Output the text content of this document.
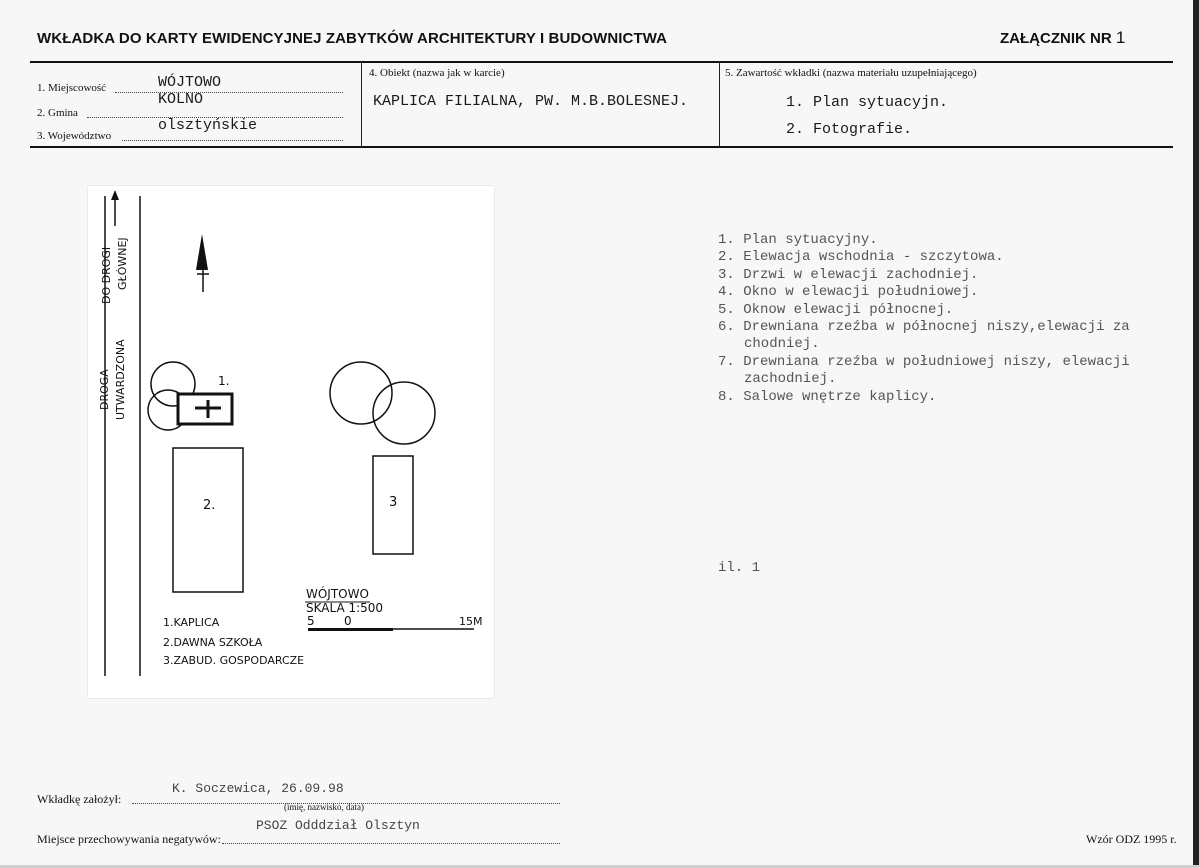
WKŁADKA DO KARTY EWIDENCYJNEJ ZABYTKÓW ARCHITEKTURY I BUDOWNICTWA	ZAŁĄCZNIK NR 1
1. Miejscowość	WÓJTOWO
2. Gmina
KOLNO
3. Województwo
olsztyńskie
4. Obiekt (nazwa jak w karcie)
KAPLICA FILIALNA, PW. M.B.BOLESNEJ.
5. Zawartość wkładki (nazwa materiału uzupełniającego)
1. Plan sytuacyjn.
2. Fotografie.
DO DROGI GŁÓWNEJ
DROGA UTWARDZONA	1.
2.	3
WÓJTOWO
SKALA 1:500
5 0	15M
1.KAPLICA
2.DAWNA SZKOŁA
3.ZABUD. GOSPODARCZE
1. Plan sytuacyjny.
2. Elewacja wschodnia - szczytowa.
3. Drzwi w elewacji zachodniej.
4. Okno w elewacji południowej.
5. Oknow elewacji północnej.
6. Drewniana rzeźba w północnej niszy,elewacji za
chodniej.
7. Drewniana rzeźba w południowej niszy, elewacji
zachodniej.
8. Salowe wnętrze kaplicy.
il. 1
Wkładkę założył:
K. Soczewica, 26.09.98
(imię, nazwisko, data)
Miejsce przechowywania negatywów:
PSOZ Odddział Olsztyn
Wzór ODZ 1995 r.
